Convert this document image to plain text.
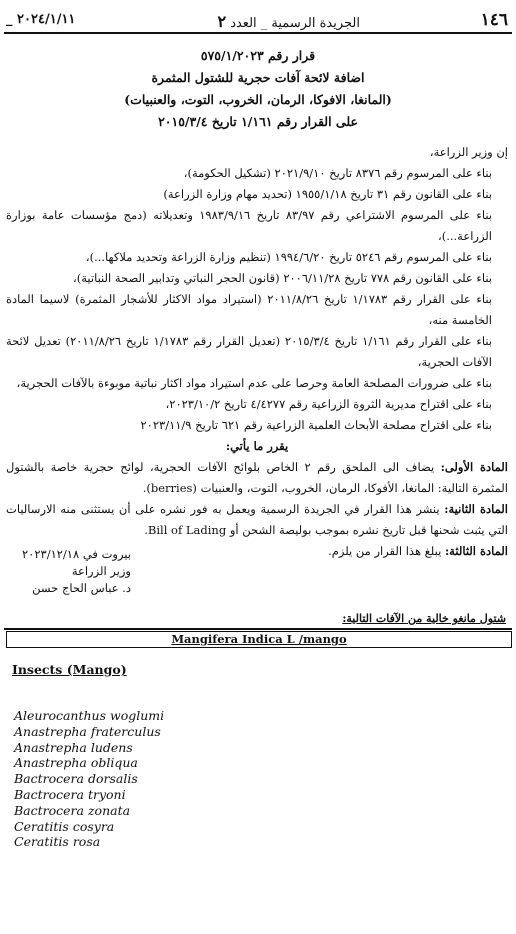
١٤٦
الجريدة الرسمية _ العدد ٢
٢٠٢٤/١/١١ _
قرار رقم ٥٧٥/١/٢٠٢٣
اضافة لائحة آفات حجرية للشتول المثمرة
(المانغا، الافوكا، الرمان، الخروب، التوت، والعنبيات)
على القرار رقم ١/١٦١ تاريخ ٢٠١٥/٣/٤

إن وزير الزراعة،

بناء على المرسوم رقم ٨٣٧٦ تاريخ ٢٠٢١/٩/١٠ (تشكيل الحكومة)،

بناء على القانون رقم ٣١ تاريخ ١٩٥٥/١/١٨ (تحديد مهام وزارة الزراعة)

بناء على المرسوم الاشتراعي رقم ٨٣/٩٧ تاريخ ١٩٨٣/٩/١٦ وتعديلاته (دمج مؤسسات عامة بوزارة الزراعة...)،

بناء على المرسوم رقم ٥٢٤٦ تاريخ ١٩٩٤/٦/٢٠ (تنظيم وزارة الزراعة وتحديد ملاكها...)،

بناء على القانون رقم ٧٧٨ تاريخ ٢٠٠٦/١١/٢٨ (قانون الحجر النباتي وتدابير الصحة النباتية)،

بناء على القرار رقم ١/١٧٨٣ تاريخ ٢٠١١/٨/٢٦ (استيراد مواد الاكثار للأشجار المثمرة) لاسيما المادة الخامسة منه،

بناء على القرار رقم ١/١٦١ تاريخ ٢٠١٥/٣/٤ (تعديل القرار رقم ١/١٧٨٣ تاريخ ٢٠١١/٨/٢٦) تعديل لائحة الآفات الحجرية،

بناء على ضرورات المصلحة العامة وحرصا على عدم استيراد مواد اكثار نباتية موبوءة بالآفات الحجرية،

بناء على اقتراح مديرية الثروة الزراعية رقم ٤/٤٢٧٧ تاريخ ٢٠٢٣/١٠/٢،

بناء على اقتراح مصلحة الأبحاث العلمية الزراعية رقم ٦٢١ تاريخ ٢٠٢٣/١١/٩

يقرر ما يأتي:

المادة الأولى: يضاف الى الملحق رقم ٢ الخاص بلوائح الآفات الحجرية، لوائح حجرية خاصة بالشتول المثمرة التالية: المانغا، الأفوكا، الرمان، الخروب، التوت، والعنبيات (berries).

المادة الثانية: ينشر هذا القرار في الجريدة الرسمية ويعمل به فور نشره على أن يستثنى منه الارساليات التي يثبت شحنها قبل تاريخ نشره بموجب بوليصة الشحن أو Bill of Lading.

المادة الثالثة: يبلغ هذا القرار من يلزم.

بيروت في ٢٠٢٣/١٢/١٨
وزير الزراعة
د. عباس الحاج حسن
شتول مانغو خالية من الآفات التالية:
Mangifera Indica L /mango
Insects (Mango)
Aleurocanthus woglumi
Anastrepha fraterculus
Anastrepha ludens
Anastrepha obliqua
Bactrocera dorsalis
Bactrocera tryoni
Bactrocera zonata
Ceratitis cosyra
Ceratitis rosa
